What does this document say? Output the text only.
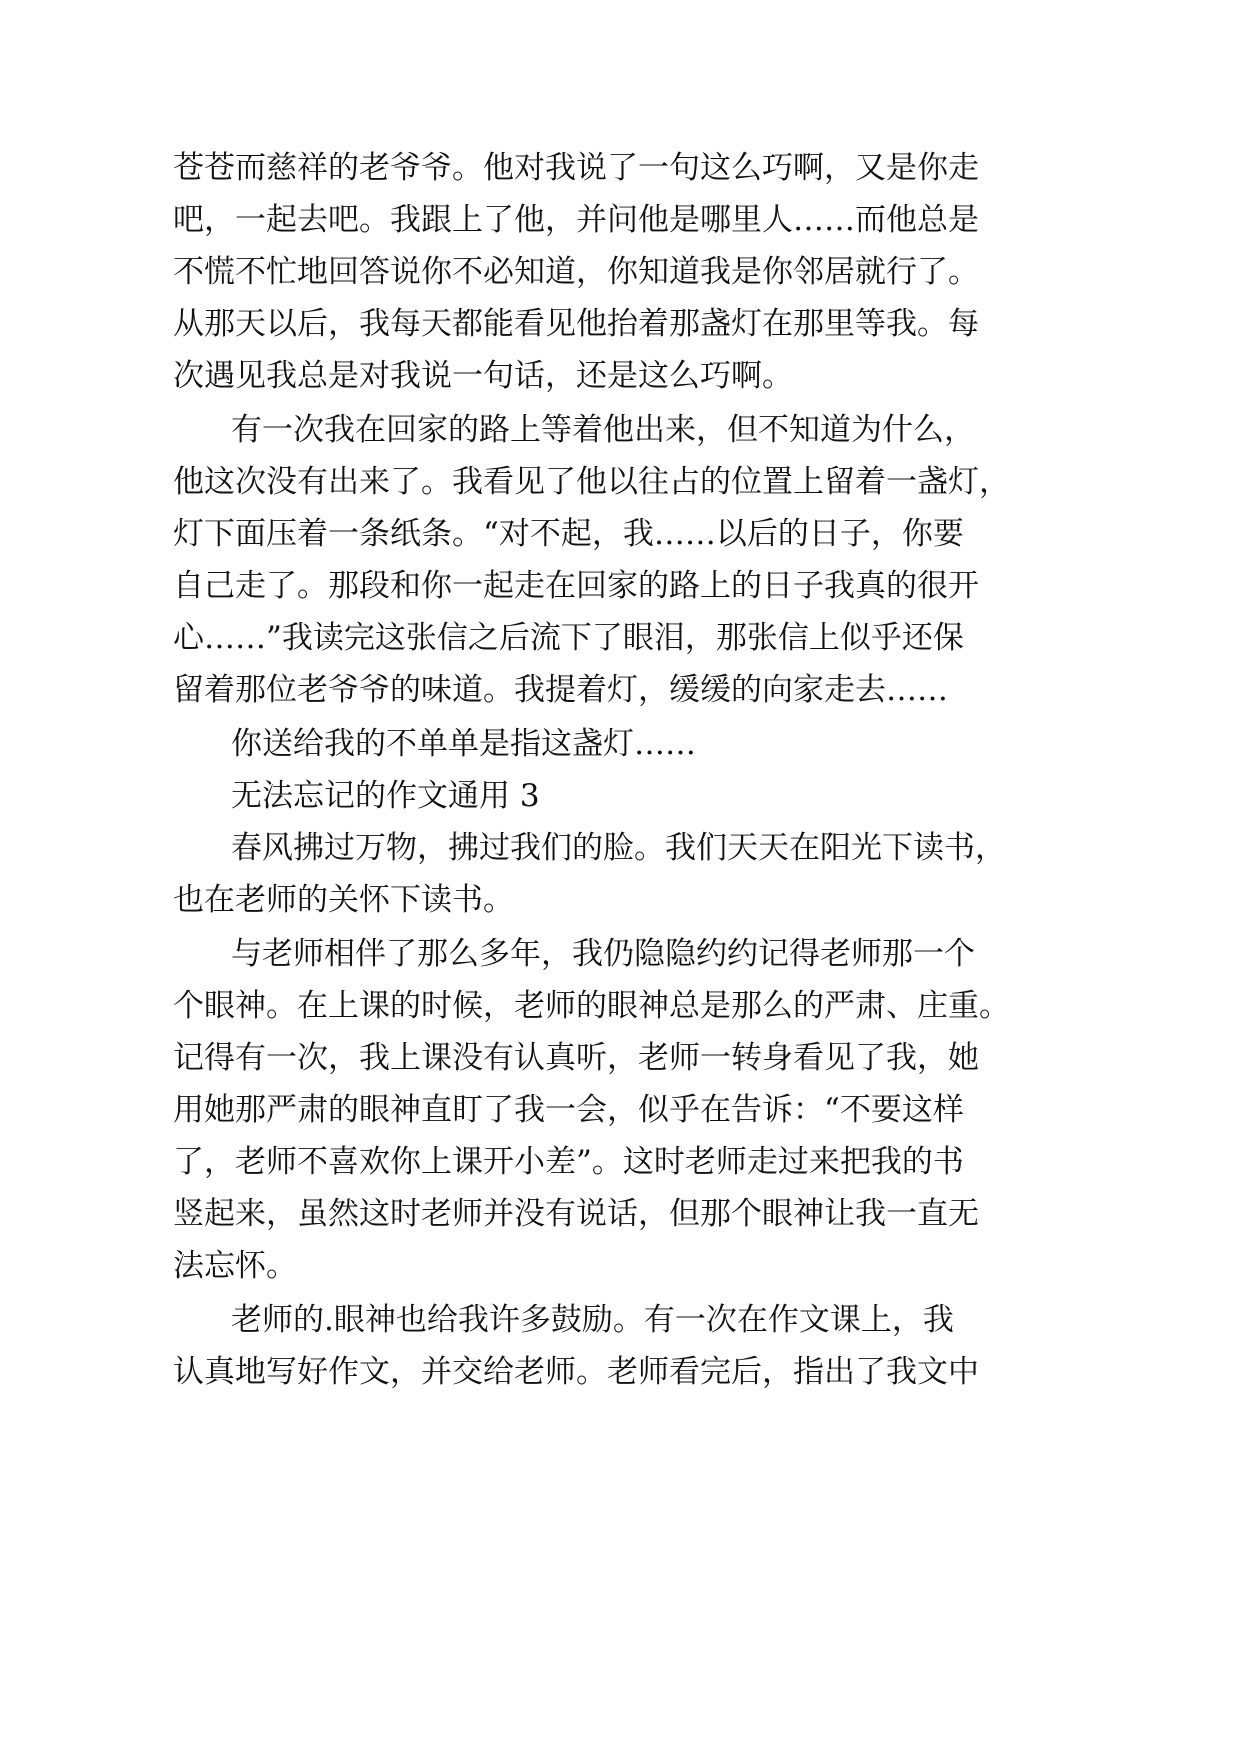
苍苍而慈祥的老爷爷。他对我说了一句这么巧啊，又是你走
吧，一起去吧。我跟上了他，并问他是哪里人……而他总是
不慌不忙地回答说你不必知道，你知道我是你邻居就行了。
从那天以后，我每天都能看见他抬着那盏灯在那里等我。每
次遇见我总是对我说一句话，还是这么巧啊。
有一次我在回家的路上等着他出来，但不知道为什么，
他这次没有出来了。我看见了他以往占的位置上留着一盏灯，
灯下面压着一条纸条。“对不起，我……以后的日子，你要
自己走了。那段和你一起走在回家的路上的日子我真的很开
心……”我读完这张信之后流下了眼泪，那张信上似乎还保
留着那位老爷爷的味道。我提着灯，缓缓的向家走去……
你送给我的不单单是指这盏灯……
无法忘记的作文通用 3
春风拂过万物，拂过我们的脸。我们天天在阳光下读书，
也在老师的关怀下读书。
与老师相伴了那么多年，我仍隐隐约约记得老师那一个
个眼神。在上课的时候，老师的眼神总是那么的严肃、庄重。
记得有一次，我上课没有认真听，老师一转身看见了我，她
用她那严肃的眼神直盯了我一会，似乎在告诉：“不要这样
了，老师不喜欢你上课开小差”。这时老师走过来把我的书
竖起来，虽然这时老师并没有说话，但那个眼神让我一直无
法忘怀。
老师的.眼神也给我许多鼓励。有一次在作文课上，我
认真地写好作文，并交给老师。老师看完后，指出了我文中
